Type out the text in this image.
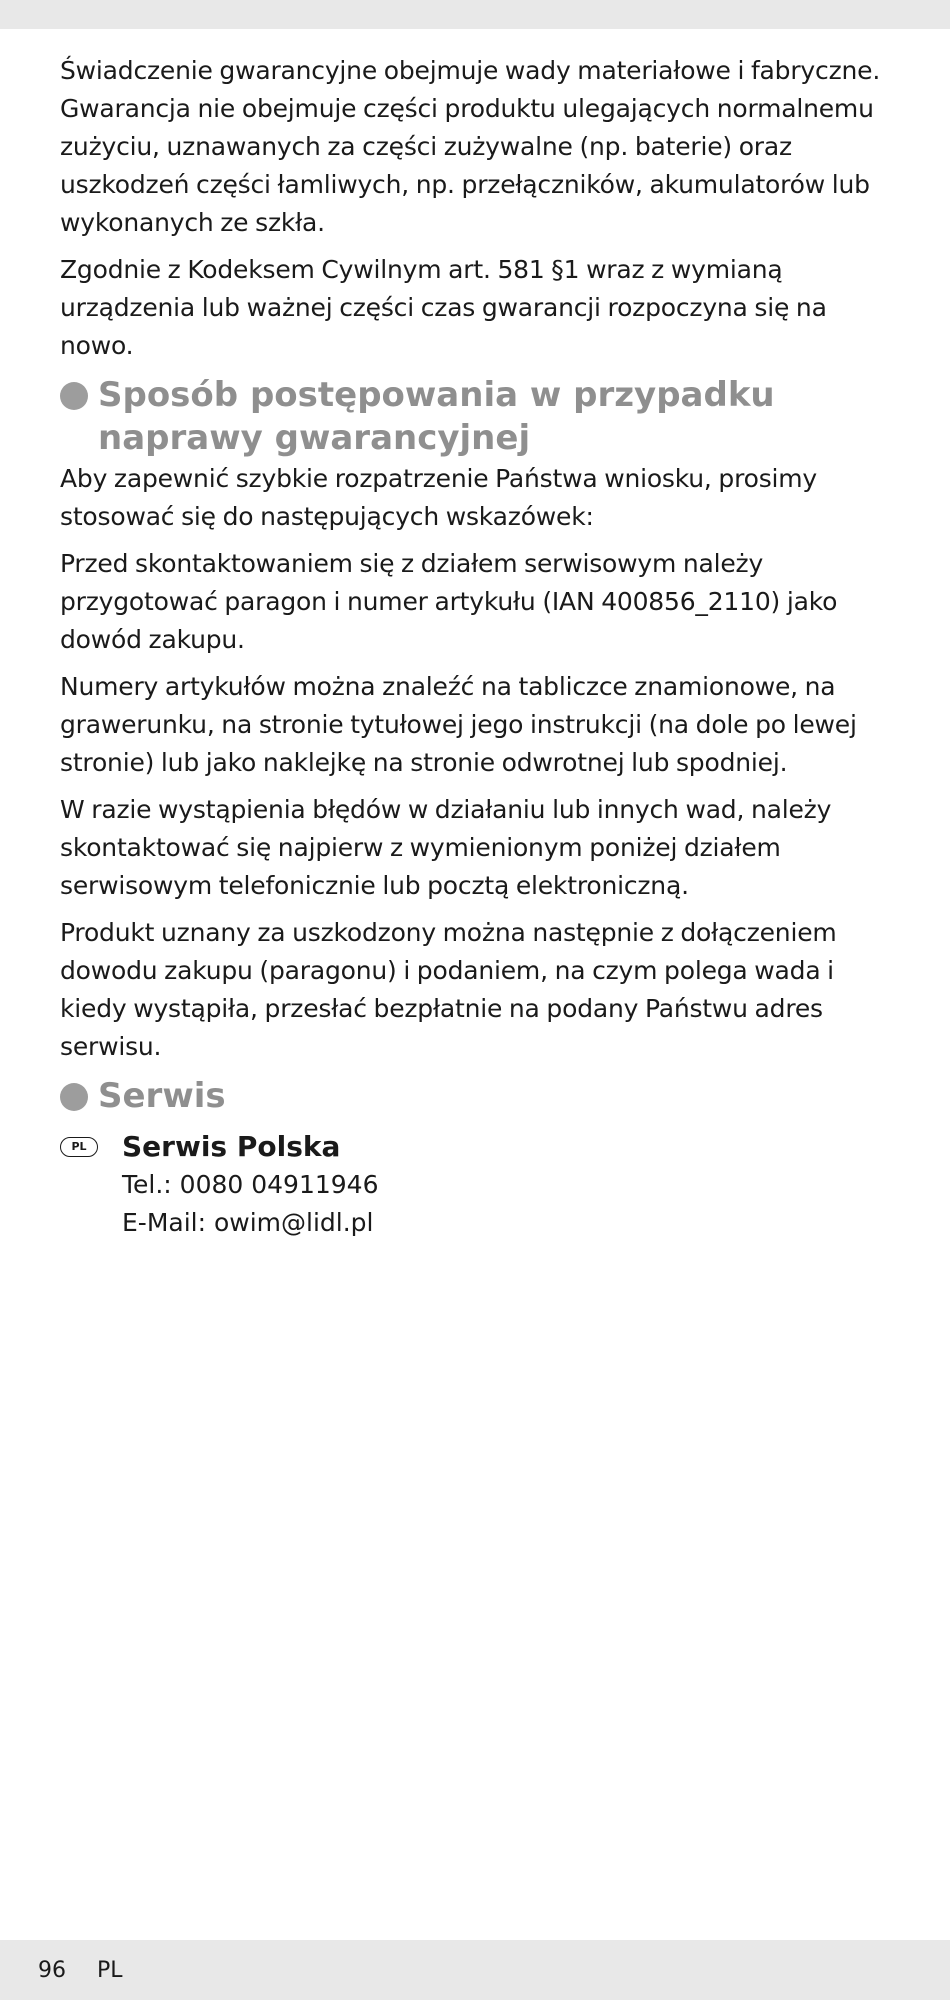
Świadczenie gwarancyjne obejmuje wady materiałowe i fabryczne. Gwarancja nie obejmuje części produktu ulegających normalnemu zużyciu, uznawanych za części zużywalne (np. baterie) oraz uszkodzeń części łamliwych, np. przełączników, akumulatorów lub wykonanych ze szkła.

Zgodnie z Kodeksem Cywilnym art. 581 §1 wraz z wymianą urządzenia lub ważnej części czas gwarancji rozpoczyna się na nowo.

Sposób postępowania w przypadku
naprawy gwarancyjnej

Aby zapewnić szybkie rozpatrzenie Państwa wniosku, prosimy stosować się do następujących wskazówek:

Przed skontaktowaniem się z działem serwisowym należy przygotować paragon i numer artykułu (IAN 400856_2110) jako dowód zakupu.

Numery artykułów można znaleźć na tabliczce znamionowe, na grawerunku, na stronie tytułowej jego instrukcji (na dole po lewej stronie) lub jako naklejkę na stronie odwrotnej lub spodniej.

W razie wystąpienia błędów w działaniu lub innych wad, należy skontaktować się najpierw z wymienionym poniżej działem serwisowym telefonicznie lub pocztą elektroniczną.

Produkt uznany za uszkodzony można następnie z dołączeniem dowodu zakupu (paragonu) i podaniem, na czym polega wada i kiedy wystąpiła, przesłać bezpłatnie na podany Państwu adres serwisu.

Serwis
PL	Serwis Polska
Tel.: 0080 04911946
E-Mail: owim@lidl.pl
96 PL
